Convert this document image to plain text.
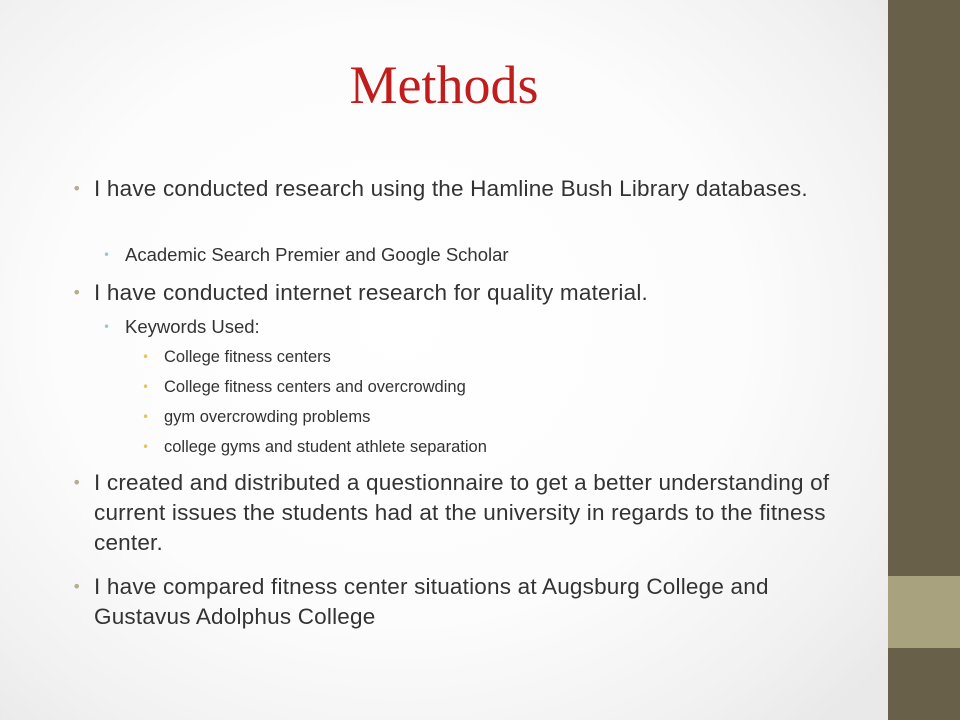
Methods
• I have conducted research using the Hamline Bush Library databases.
• Academic Search Premier and Google Scholar
• I have conducted internet research for quality material.
• Keywords Used:
• College fitness centers
• College fitness centers and overcrowding
• gym overcrowding problems
• college gyms and student athlete separation
• I created and distributed a questionnaire to get a better understanding of current issues the students had at the university in regards to the fitness center.
• I have compared fitness center situations at Augsburg College and Gustavus Adolphus College
